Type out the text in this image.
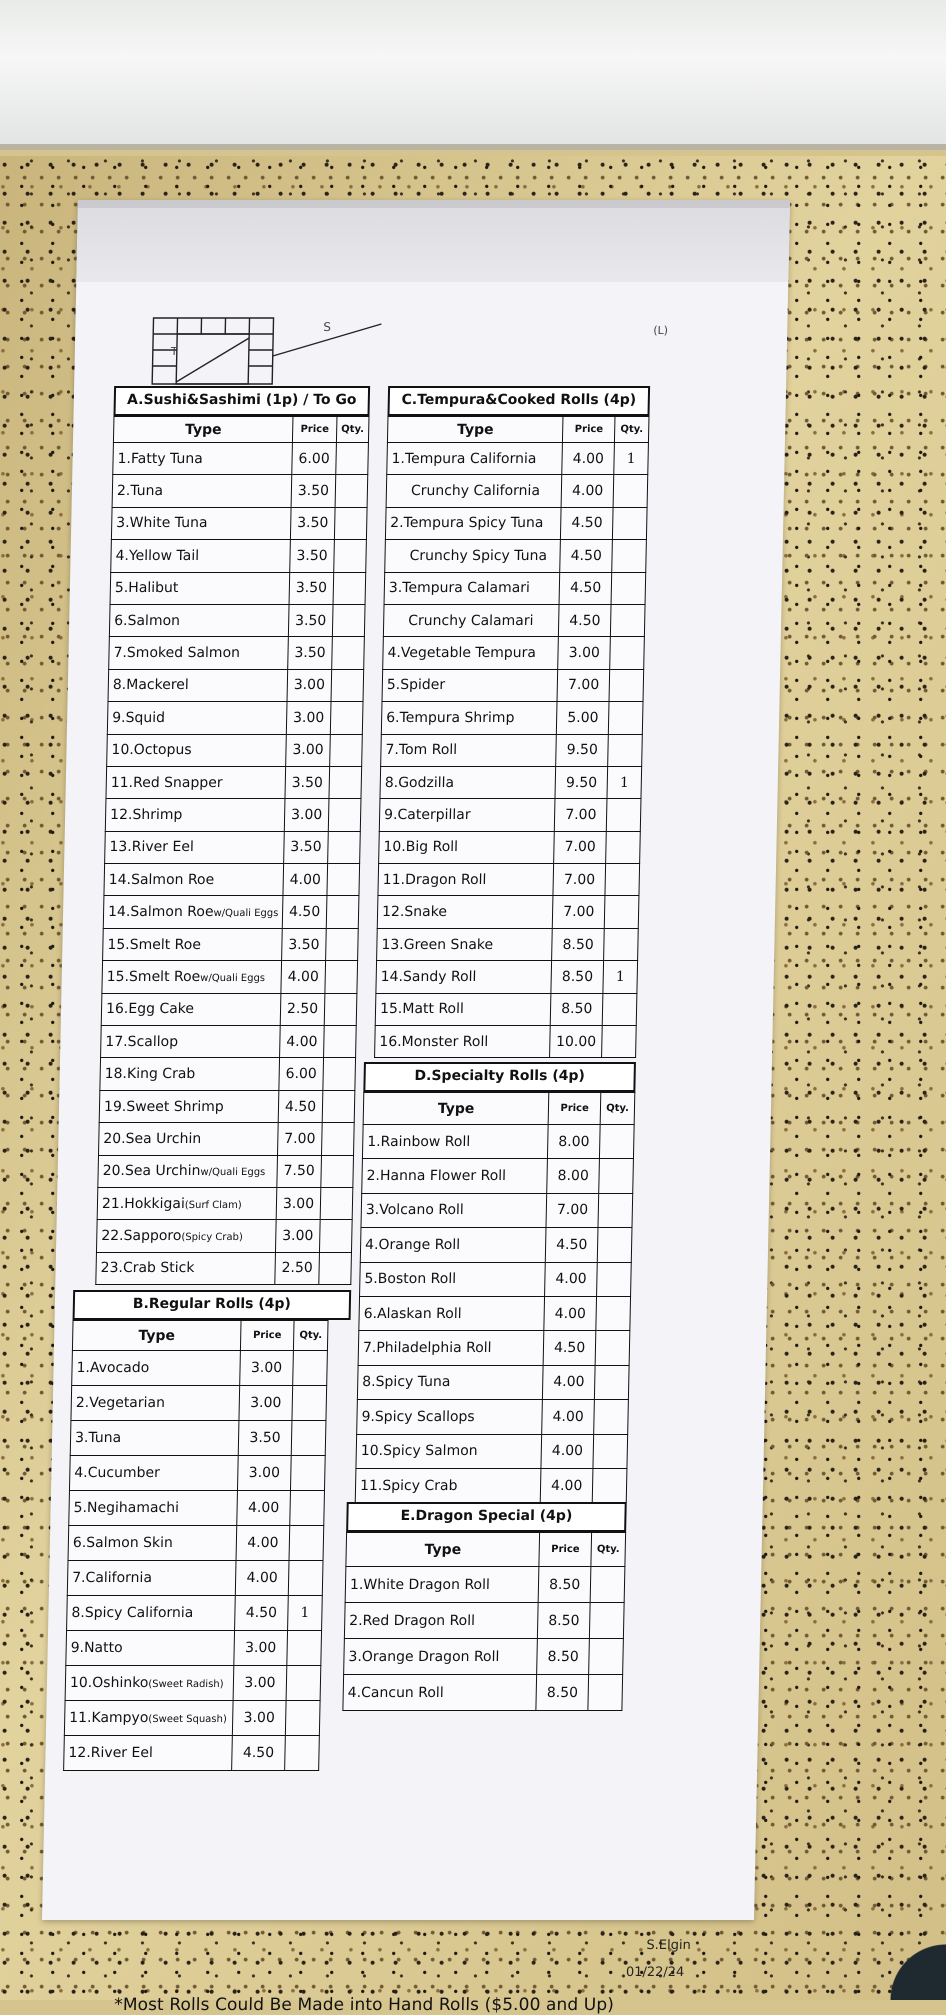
S
T
(L)
A.Sushi&Sashimi (1p) / To Go
Type	Price	Qty.
1.Fatty Tuna	6.00	
2.Tuna	3.50	
3.White Tuna	3.50	
4.Yellow Tail	3.50	
5.Halibut	3.50	
6.Salmon	3.50	
7.Smoked Salmon	3.50	
8.Mackerel	3.00	
9.Squid	3.00	
10.Octopus	3.00	
11.Red Snapper	3.50	
12.Shrimp	3.00	
13.River Eel	3.50	
14.Salmon Roe	4.00	
14.Salmon Roew/Quali Eggs	4.50	
15.Smelt Roe	3.50	
15.Smelt Roew/Quali Eggs	4.00	
16.Egg Cake	2.50	
17.Scallop	4.00	
18.King Crab	6.00	
19.Sweet Shrimp	4.50	
20.Sea Urchin	7.00	
20.Sea Urchinw/Quali Eggs	7.50	
21.Hokkigai(Surf Clam)	3.00	
22.Sapporo(Spicy Crab)	3.00	
23.Crab Stick	2.50	
B.Regular Rolls (4p)
Type	Price	Qty.
1.Avocado	3.00	
2.Vegetarian	3.00	
3.Tuna	3.50	
4.Cucumber	3.00	
5.Negihamachi	4.00	
6.Salmon Skin	4.00	
7.California	4.00	
8.Spicy California	4.50	1
9.Natto	3.00	
10.Oshinko(Sweet Radish)	3.00	
11.Kampyo(Sweet Squash)	3.00	
12.River Eel	4.50	
C.Tempura&Cooked Rolls (4p)
Type	Price	Qty.
1.Tempura California	4.00	1
Crunchy California	4.00	
2.Tempura Spicy Tuna	4.50	
Crunchy Spicy Tuna	4.50	
3.Tempura Calamari	4.50	
Crunchy Calamari	4.50	
4.Vegetable Tempura	3.00	
5.Spider	7.00	
6.Tempura Shrimp	5.00	
7.Tom Roll	9.50	
8.Godzilla	9.50	1
9.Caterpillar	7.00	
10.Big Roll	7.00	
11.Dragon Roll	7.00	
12.Snake	7.00	
13.Green Snake	8.50	
14.Sandy Roll	8.50	1
15.Matt Roll	8.50	
16.Monster Roll	10.00	
D.Specialty Rolls (4p)
Type	Price	Qty.
1.Rainbow Roll	8.00	
2.Hanna Flower Roll	8.00	
3.Volcano Roll	7.00	
4.Orange Roll	4.50	
5.Boston Roll	4.00	
6.Alaskan Roll	4.00	
7.Philadelphia Roll	4.50	
8.Spicy Tuna	4.00	
9.Spicy Scallops	4.00	
10.Spicy Salmon	4.00	
11.Spicy Crab	4.00	
E.Dragon Special (4p)
Type	Price	Qty.
1.White Dragon Roll	8.50	
2.Red Dragon Roll	8.50	
3.Orange Dragon Roll	8.50	
4.Cancun Roll	8.50	
S.Elgin
01/22/24
*Most Rolls Could Be Made into Hand Rolls ($5.00 and Up)
